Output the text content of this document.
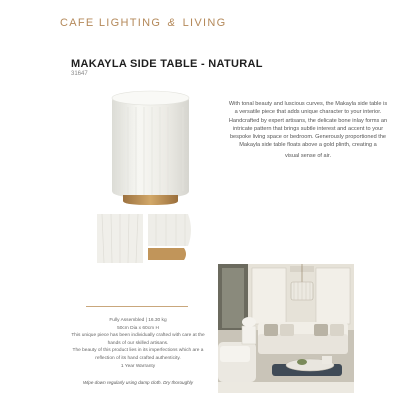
CAFE LIGHTING & LIVING
MAKAYLA SIDE TABLE - NATURAL
31647
With tonal beauty and luscious curves, the Makayla side table is a versatile piece that adds unique character to your interior. Handcrafted by expert artisans, the delicate bone inlay forms an intricate pattern that brings subtle interest and accent to your bespoke living space or bedroom. Generously proportioned the Makayla side table floats above a gold plinth, creating a
visual sense of air.
Fully Assembled | 16.30 kg
50cm Dia x 60cm H
This unique piece has been individually crafted with care at the
hands of our skilled artisans.
The beauty of this product lies in its imperfections which are a
reflection of its hand crafted authenticity.
1 Year Warranty
Wipe down regularly using damp cloth. Dry thoroughly
